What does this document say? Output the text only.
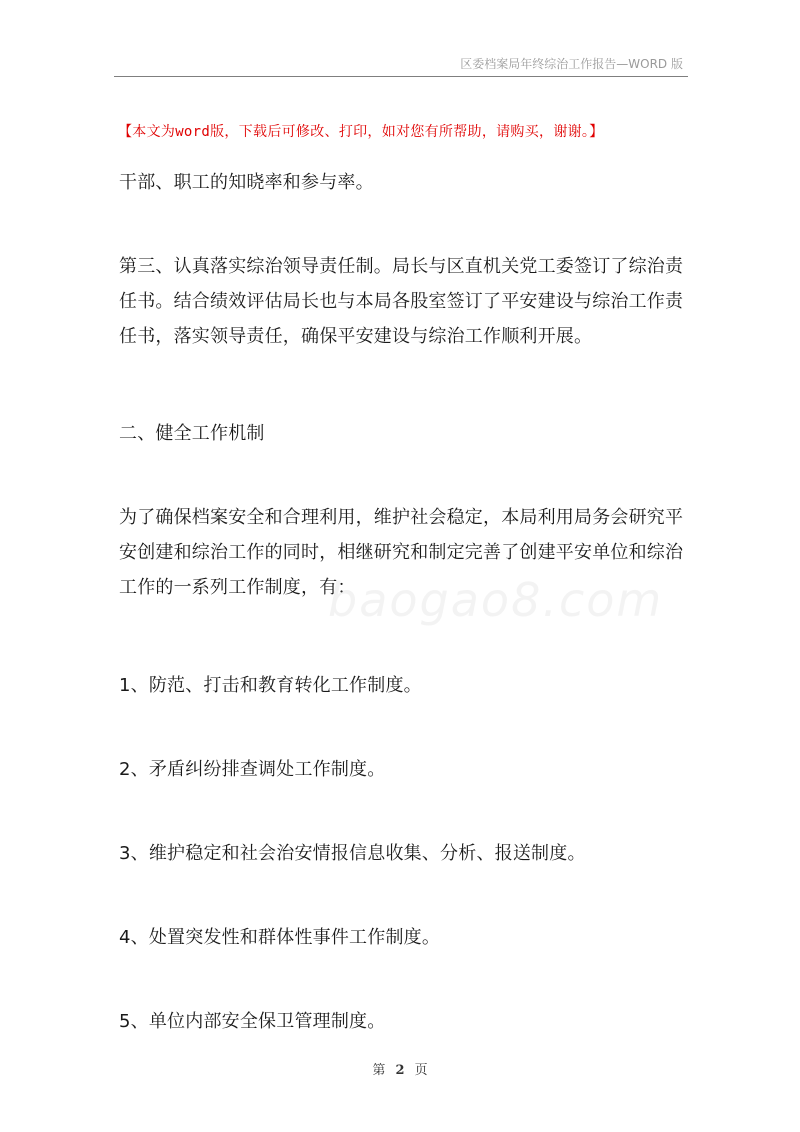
区委档案局年终综治工作报告—WORD 版
【本文为word版，下载后可修改、打印，如对您有所帮助，请购买，谢谢。】
干部、职工的知晓率和参与率。
第三、认真落实综治领导责任制。局长与区直机关党工委签订了综治责任书。结合绩效评估局长也与本局各股室签订了平安建设与综治工作责任书，落实领导责任，确保平安建设与综治工作顺利开展。
二、健全工作机制
为了确保档案安全和合理利用，维护社会稳定，本局利用局务会研究平安创建和综治工作的同时，相继研究和制定完善了创建平安单位和综治工作的一系列工作制度，有：
baogao8.com
1、防范、打击和教育转化工作制度。
2、矛盾纠纷排查调处工作制度。
3、维护稳定和社会治安情报信息收集、分析、报送制度。
4、处置突发性和群体性事件工作制度。
5、单位内部安全保卫管理制度。
第 2 页
